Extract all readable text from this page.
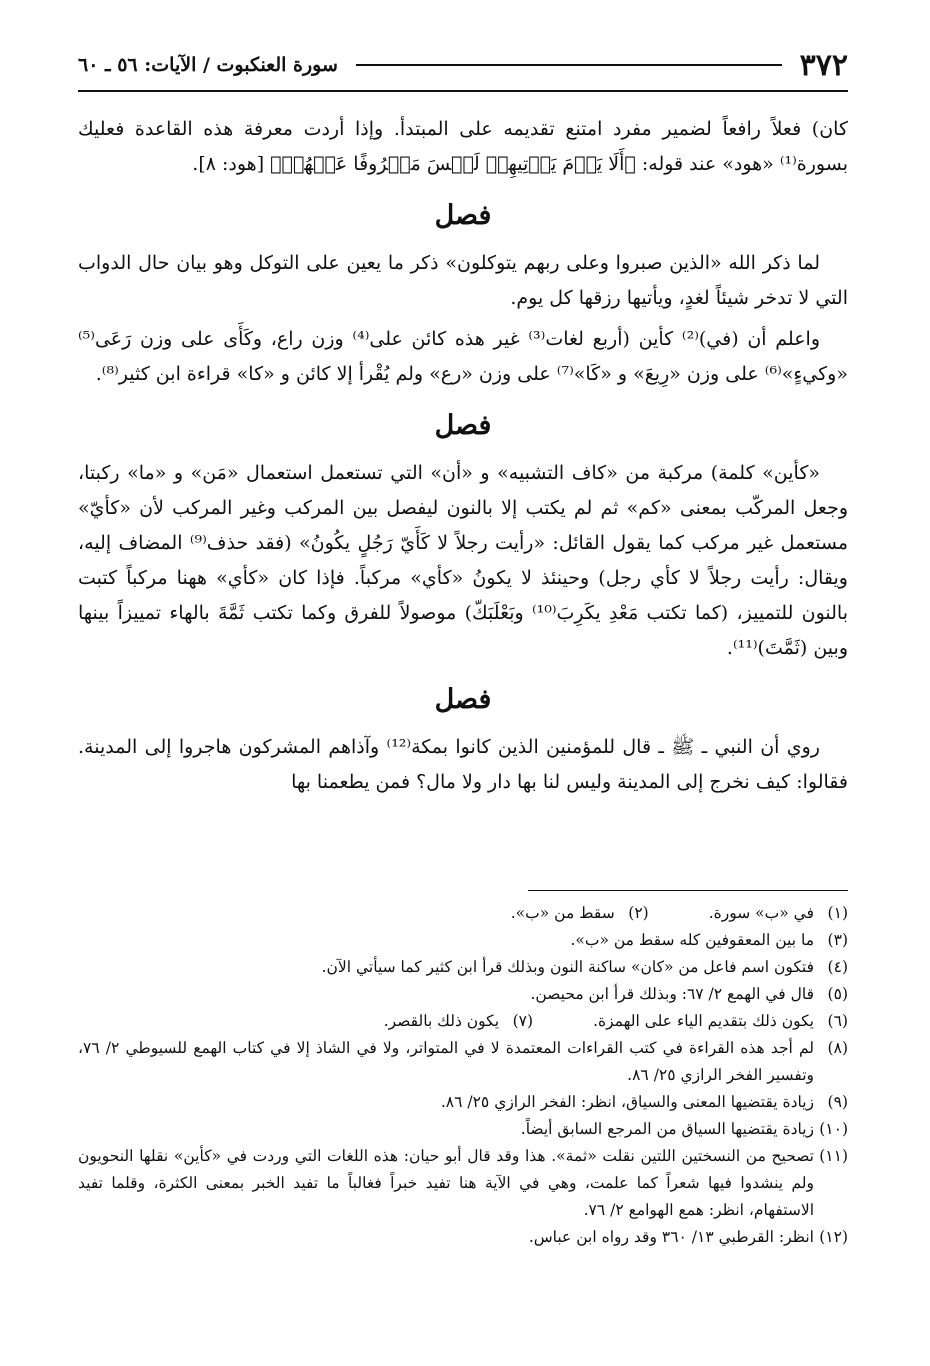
٣٧٢
سورة العنكبوت / الآيات: ٥٦ ـ ٦٠

كان) فعلاً رافعاً لضمير مفرد امتنع تقديمه على المبتدأ. وإذا أردت معرفة هذه القاعدة فعليك بسورة⁽¹⁾ «هود» عند قوله: ﴿أَلَا يَوۡمَ يَأۡتِيهِمۡ لَيۡسَ مَصۡرُوفًا عَنۡهُمۡ﴾ [هود: ٨].

فصل

لما ذكر الله «الذين صبروا وعلى ربهم يتوكلون» ذكر ما يعين على التوكل وهو بيان حال الدواب التي لا تدخر شيئاً لغدٍ، ويأتيها رزقها كل يوم.

واعلم أن (في)⁽²⁾ كأين (أربع لغات⁽³⁾ غير هذه كائن على⁽⁴⁾ وزن راع، وكَأَى على وزن رَعَى⁽⁵⁾ «وكيءٍ»⁽⁶⁾ على وزن «رِيعَ» و «كَا»⁽⁷⁾ على وزن «رع» ولم يُقْرأ إلا كائن و «كا» قراءة ابن كثير⁽⁸⁾.

فصل

«كأين» كلمة) مركبة من «كاف التشبيه» و «أن» التي تستعمل استعمال «مَن» و «ما» ركبتا، وجعل المركّب بمعنى «كم» ثم لم يكتب إلا بالنون ليفصل بين المركب وغير المركب لأن «كأيّ» مستعمل غير مركب كما يقول القائل: «رأيت رجلاً لا كَأَيّ رَجُلٍ يكُونُ» (فقد حذف⁽⁹⁾ المضاف إليه، ويقال: رأيت رجلاً لا كأي رجل) وحينئذ لا يكونُ «كأي» مركباً. فإذا كان «كأي» ههنا مركباً كتبت بالنون للتمييز، (كما تكتب مَعْدِ يكَرِبَ⁽¹⁰⁾ وبَعْلَبَكّ) موصولاً للفرق وكما تكتب ثَمَّةَ بالهاء تمييزاً بينها وبين (ثَمَّتَ)⁽¹¹⁾.

فصل

روي أن النبي ـ ﷺ ـ قال للمؤمنين الذين كانوا بمكة⁽¹²⁾ وآذاهم المشركون هاجروا إلى المدينة. فقالوا: كيف نخرج إلى المدينة وليس لنا بها دار ولا مال؟ فمن يطعمنا بها

(١)في «ب» سورة.

(٢)سقط من «ب».

(٣)ما بين المعقوفين كله سقط من «ب».

(٤)فتكون اسم فاعل من «كان» ساكنة النون وبذلك قرأ ابن كثير كما سيأتي الآن.

(٥)قال في الهمع ٢/ ٦٧: وبذلك قرأ ابن محيصن.

(٦)يكون ذلك بتقديم الياء على الهمزة.

(٧)يكون ذلك بالقصر.

(٨)لم أجد هذه القراءة في كتب القراءات المعتمدة لا في المتواتر، ولا في الشاذ إلا في كتاب الهمع للسيوطي ٢/ ٧٦، وتفسير الفخر الرازي ٢٥/ ٨٦.

(٩)زيادة يقتضيها المعنى والسياق، انظر: الفخر الرازي ٢٥/ ٨٦.

(١٠)زيادة يقتضيها السياق من المرجع السابق أيضاً.

(١١)تصحيح من النسختين اللتين نقلت «ثمة». هذا وقد قال أبو حيان: هذه اللغات التي وردت في «كأين» نقلها النحويون ولم ينشدوا فيها شعراً كما علمت، وهي في الآية هنا تفيد خبراً فغالباً ما تفيد الخبر بمعنى الكثرة، وقلما تفيد الاستفهام، انظر: همع الهوامع ٢/ ٧٦.

(١٢)انظر: القرطبي ١٣/ ٣٦٠ وقد رواه ابن عباس.
